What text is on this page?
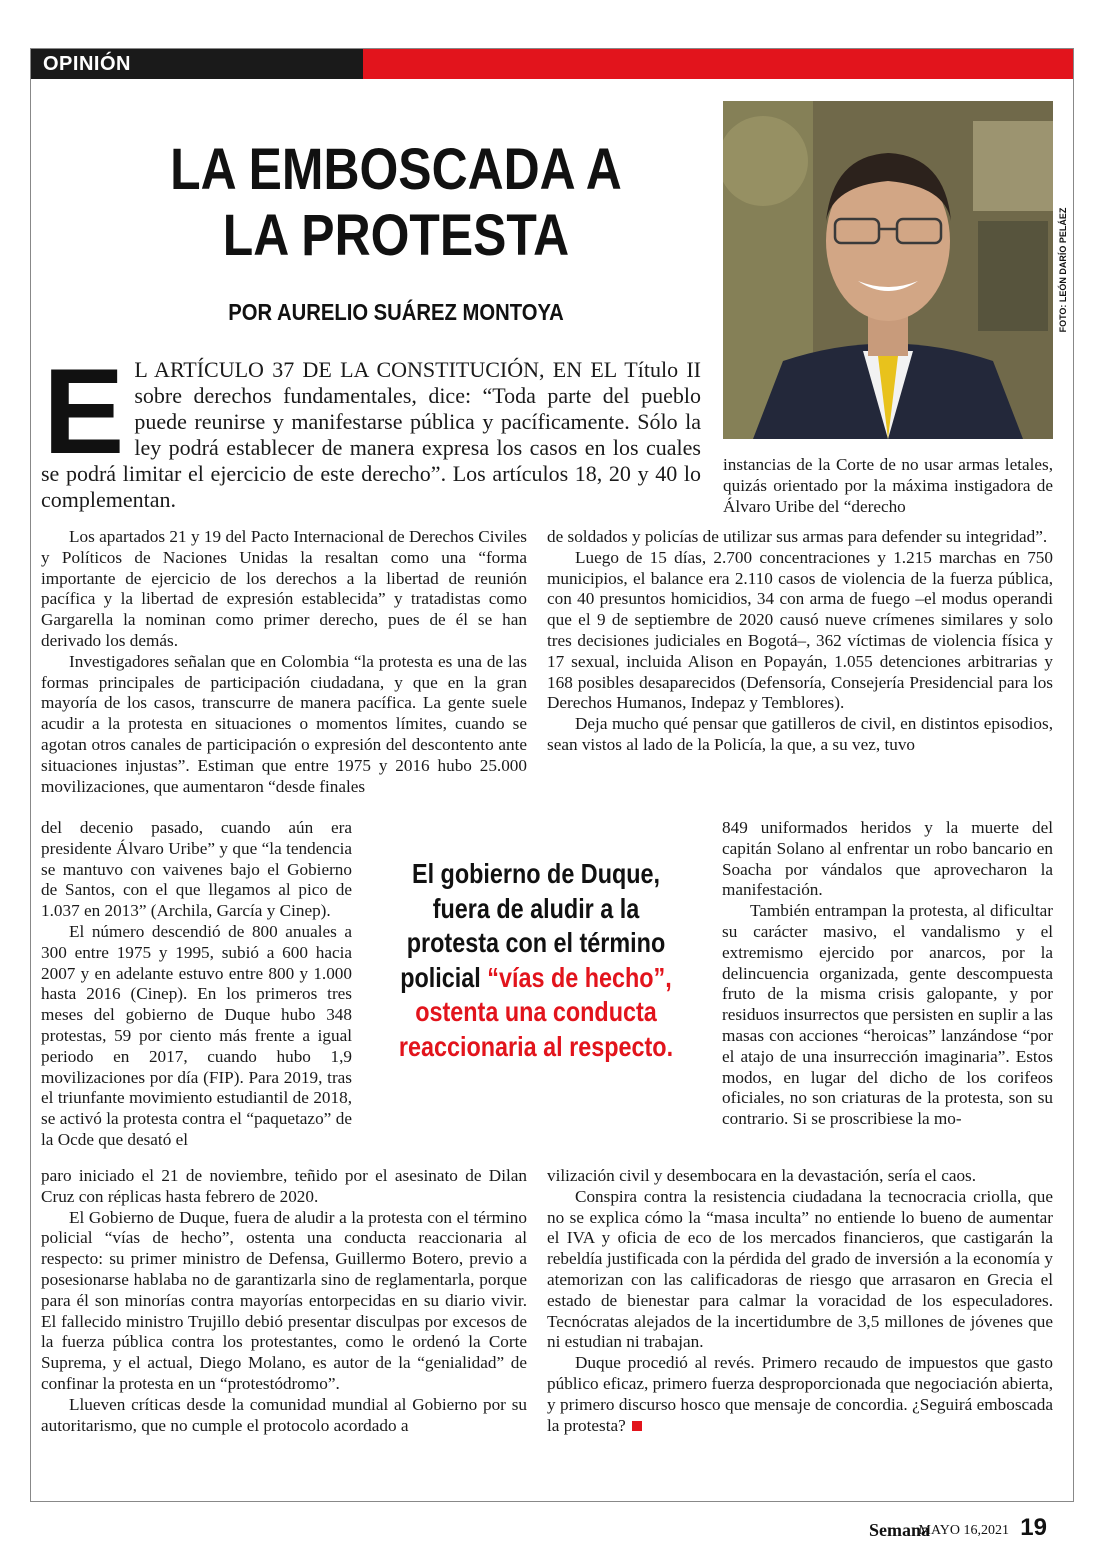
OPINIÓN
LA EMBOSCADA A LA PROTESTA
POR AURELIO SUÁREZ MONTOYA	FOTO: LEÓN DARÍO PELÁEZ
E L ARTÍCULO 37 DE LA CONSTITUCIÓN, EN EL Título II sobre derechos fundamentales, dice: “Toda parte del pueblo puede reunirse y manifestarse pública y pacíficamente. Sólo la ley podrá establecer de manera expresa los casos en los cuales se podrá limitar el ejercicio de este derecho”. Los artículos 18, 20 y 40 lo complementan.

instancias de la Corte de no usar armas letales, quizás orientado por la máxima instigadora de Álvaro Uribe del “derecho

Los apartados 21 y 19 del Pacto Internacional de Derechos Civiles y Políticos de Naciones Unidas la resaltan como una “forma importante de ejercicio de los derechos a la libertad de reunión pacífica y la libertad de expresión establecida” y tratadistas como Gargarella la nominan como primer derecho, pues de él se han derivado los demás.

Investigadores señalan que en Colombia “la protesta es una de las formas principales de participación ciudadana, y que en la gran mayoría de los casos, transcurre de manera pacífica. La gente suele acudir a la protesta en situaciones o momentos límites, cuando se agotan otros canales de participación o expresión del descontento ante situaciones injustas”. Estiman que entre 1975 y 2016 hubo 25.000 movilizaciones, que aumentaron “desde finales

del decenio pasado, cuando aún era presidente Álvaro Uribe” y que “la tendencia se mantuvo con vaivenes bajo el Gobierno de Santos, con el que llegamos al pico de 1.037 en 2013” (Archila, García y Cinep).

El número descendió de 800 anuales a 300 entre 1975 y 1995, subió a 600 hacia 2007 y en adelante estuvo entre 800 y 1.000 hasta 2016 (Cinep). En los primeros tres meses del gobierno de Duque hubo 348 protestas, 59 por ciento más frente a igual periodo en 2017, cuando hubo 1,9 movilizaciones por día (FIP). Para 2019, tras el triunfante movimiento estudiantil de 2018, se activó la protesta contra el “paquetazo” de la Ocde que desató el

paro iniciado el 21 de noviembre, teñido por el asesinato de Dilan Cruz con réplicas hasta febrero de 2020.

El Gobierno de Duque, fuera de aludir a la protesta con el término policial “vías de hecho”, ostenta una conducta reaccionaria al respecto: su primer ministro de Defensa, Guillermo Botero, previo a posesionarse hablaba no de garantizarla sino de reglamentarla, porque para él son minorías contra mayorías entorpecidas en su diario vivir. El fallecido ministro Trujillo debió presentar disculpas por excesos de la fuerza pública contra los protestantes, como le ordenó la Corte Suprema, y el actual, Diego Molano, es autor de la “genialidad” de confinar la protesta en un “protestódromo”.

Llueven críticas desde la comunidad mundial al Gobierno por su autoritarismo, que no cumple el protocolo acordado a

de soldados y policías de utilizar sus armas para defender su integridad”.

Luego de 15 días, 2.700 concentraciones y 1.215 marchas en 750 municipios, el balance era 2.110 casos de violencia de la fuerza pública, con 40 presuntos homicidios, 34 con arma de fuego –el modus operandi que el 9 de septiembre de 2020 causó nueve crímenes similares y solo tres decisiones judiciales en Bogotá–, 362 víctimas de violencia física y 17 sexual, incluida Alison en Popayán, 1.055 detenciones arbitrarias y 168 posibles desaparecidos (Defensoría, Consejería Presidencial para los Derechos Humanos, Indepaz y Temblores).

Deja mucho qué pensar que gatilleros de civil, en distintos episodios, sean vistos al lado de la Policía, la que, a su vez, tuvo

849 uniformados heridos y la muerte del capitán Solano al enfrentar un robo bancario en Soacha por vándalos que aprovecharon la manifestación.

También entrampan la protesta, al dificultar su carácter masivo, el vandalismo y el extremismo ejercido por anarcos, por la delincuencia organizada, gente descompuesta fruto de la misma crisis galopante, y por residuos insurrectos que persisten en suplir a las masas con acciones “heroicas” lanzándose “por el atajo de una insurrección imaginaria”. Estos modos, en lugar del dicho de los corifeos oficiales, no son criaturas de la protesta, son su contrario. Si se proscribiese la mo-

vilización civil y desembocara en la devastación, sería el caos.

Conspira contra la resistencia ciudadana la tecnocracia criolla, que no se explica cómo la “masa inculta” no entiende lo bueno de aumentar el IVA y oficia de eco de los mercados financieros, que castigarán la rebeldía justificada con la pérdida del grado de inversión a la economía y atemorizan con las calificadoras de riesgo que arrasaron en Grecia el estado de bienestar para calmar la voracidad de los especuladores. Tecnócratas alejados de la incertidumbre de 3,5 millones de jóvenes que ni estudian ni trabajan.

Duque procedió al revés. Primero recaudo de impuestos que gasto público eficaz, primero fuerza desproporcionada que negociación abierta, y primero discurso hosco que mensaje de concordia. ¿Seguirá emboscada la protesta?

El gobierno de Duque, fuera de aludir a la protesta con el término policial “vías de hecho”, ostenta una conducta reaccionaria al respecto.
Semana
MAYO 16,2021 19
